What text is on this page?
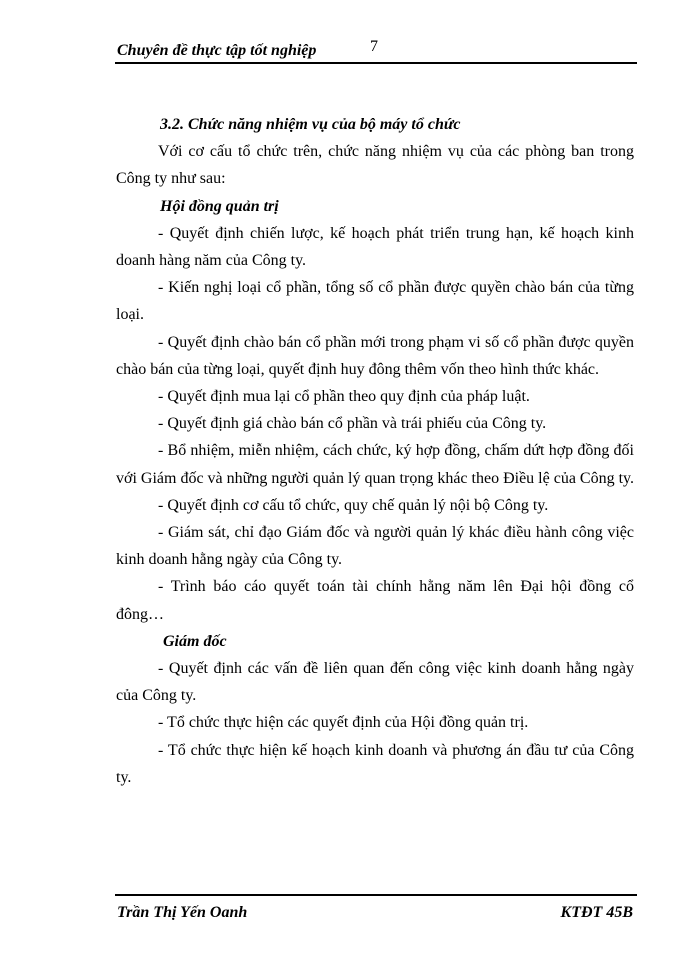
Chuyên đề thực tập tốt nghiệp	7

3.2. Chức năng nhiệm vụ của bộ máy tổ chức

Với cơ cấu tổ chức trên, chức năng nhiệm vụ của các phòng ban trong Công ty như sau:

Hội đồng quản trị

- Quyết định chiến lược, kế hoạch phát triển trung hạn, kế hoạch kinh doanh hàng năm của Công ty.

- Kiến nghị loại cổ phần, tổng số cổ phần được quyền chào bán của từng loại.

- Quyết định chào bán cổ phần mới trong phạm vi số cổ phần được quyền chào bán của từng loại, quyết định huy đông thêm vốn theo hình thức khác.

- Quyết định mua lại cổ phần theo quy định của pháp luật.

- Quyết định giá chào bán cổ phần và trái phiếu của Công ty.

- Bổ nhiệm, miễn nhiệm, cách chức, ký hợp đồng, chấm dứt hợp đồng đối với Giám đốc và những người quản lý quan trọng khác theo Điều lệ của Công ty.

- Quyết định cơ cấu tổ chức, quy chế quản lý nội bộ Công ty.

- Giám sát, chỉ đạo Giám đốc và người quản lý khác điều hành công việc kinh doanh hằng ngày của Công ty.

- Trình báo cáo quyết toán tài chính hằng năm lên Đại hội đồng cổ đông…

Giám đốc

- Quyết định các vấn đề liên quan đến công việc kinh doanh hằng ngày của Công ty.

- Tổ chức thực hiện các quyết định của Hội đồng quản trị.

- Tổ chức thực hiện kế hoạch kinh doanh và phương án đầu tư của Công ty.

Trần Thị Yến Oanh	KTĐT 45B
